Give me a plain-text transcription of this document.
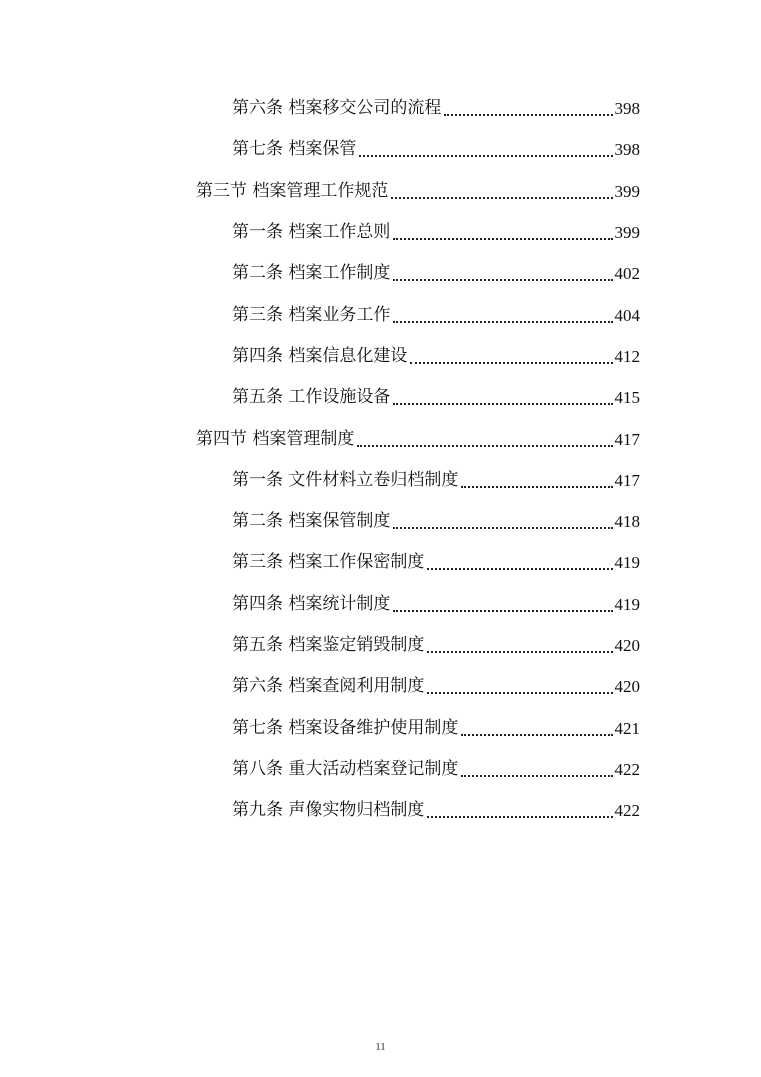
第六条 档案移交公司的流程	398
第七条 档案保管	398
第三节 档案管理工作规范	399
第一条 档案工作总则	399
第二条 档案工作制度	402
第三条 档案业务工作	404
第四条 档案信息化建设	412
第五条 工作设施设备	415
第四节 档案管理制度	417
第一条 文件材料立卷归档制度	417
第二条 档案保管制度	418
第三条 档案工作保密制度	419
第四条 档案统计制度	419
第五条 档案鉴定销毁制度	420
第六条 档案查阅利用制度	420
第七条 档案设备维护使用制度	421
第八条 重大活动档案登记制度	422
第九条 声像实物归档制度	422
11
